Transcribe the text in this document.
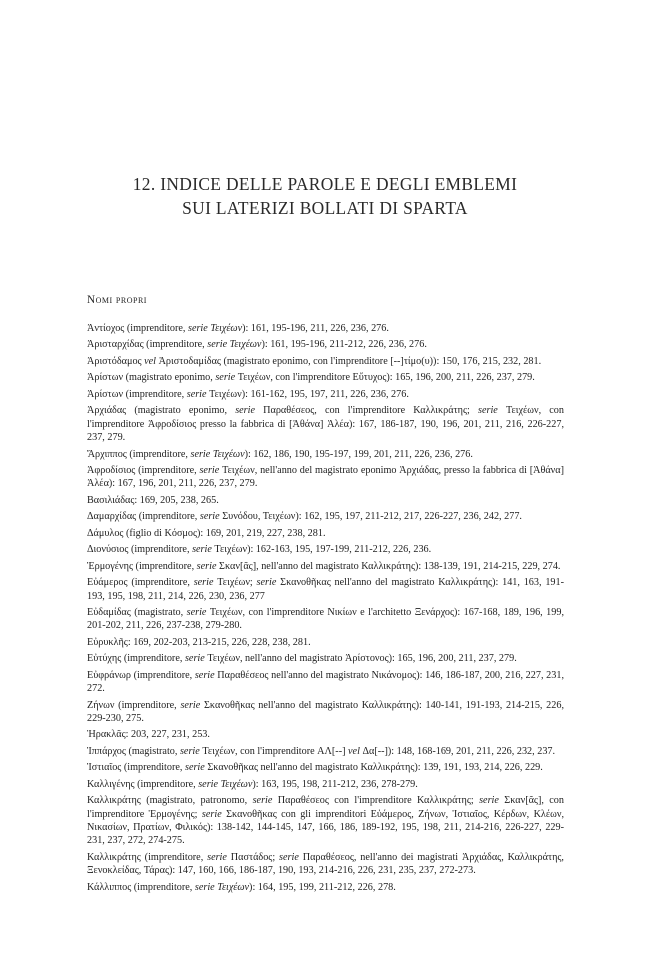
12. INDICE DELLE PAROLE E DEGLI EMBLEMI
SUI LATERIZI BOLLATI DI SPARTA
Nomi propri

Ἀντίοχος (imprenditore, serie Τειχέων): 161, 195-196, 211, 226, 236, 276.

Ἀρισταρχίδας (imprenditore, serie Τειχέων): 161, 195-196, 211-212, 226, 236, 276.

Ἀριστόδαμος vel Ἀριστοδαμίδας (magistrato eponimo, con l'imprenditore [--]τίμο(υ)): 150, 176, 215, 232, 281.

Ἀρίστων (magistrato eponimo, serie Τειχέων, con l'imprenditore Εὔτυχος): 165, 196, 200, 211, 226, 237, 279.

Ἀρίστων (imprenditore, serie Τειχέων): 161-162, 195, 197, 211, 226, 236, 276.

Ἀρχιάδας (magistrato eponimo, serie Παραθέσεος, con l'imprenditore Καλλικράτης; serie Τειχέων, con l'imprenditore Ἀφροδίσιος presso la fabbrica di [Ἀθάνα] Ἀλέα): 167, 186-187, 190, 196, 201, 211, 216, 226-227, 237, 279.

Ἄρχιππος (imprenditore, serie Τειχέων): 162, 186, 190, 195-197, 199, 201, 211, 226, 236, 276.

Ἀφροδίσιος (imprenditore, serie Τειχέων, nell'anno del magistrato eponimo Ἀρχιάδας, presso la fabbrica di [Ἀθάνα] Ἀλέα): 167, 196, 201, 211, 226, 237, 279.

Βασιλιάδας: 169, 205, 238, 265.

Δαμαρχίδας (imprenditore, serie Συνόδου, Τειχέων): 162, 195, 197, 211-212, 217, 226-227, 236, 242, 277.

Δάμυλος (figlio di Κόσμος): 169, 201, 219, 227, 238, 281.

Διονύσιος (imprenditore, serie Τειχέων): 162-163, 195, 197-199, 211-212, 226, 236.

Ἑρμογένης (imprenditore, serie Σκαν[ᾶς], nell'anno del magistrato Καλλικράτης): 138-139, 191, 214-215, 229, 274.

Εὐάμερος (imprenditore, serie Τειχέων; serie Σκανοθῆκας nell'anno del magistrato Καλλικράτης): 141, 163, 191-193, 195, 198, 211, 214, 226, 230, 236, 277

Εὐδαμίδας (magistrato, serie Τειχέων, con l'imprenditore Νικίων e l'architetto Ξενάρχος): 167-168, 189, 196, 199, 201-202, 211, 226, 237-238, 279-280.

Εὐρυκλῆς: 169, 202-203, 213-215, 226, 228, 238, 281.

Εὐτύχης (imprenditore, serie Τειχέων, nell'anno del magistrato Ἀρίστονος): 165, 196, 200, 211, 237, 279.

Εὐφράνωρ (imprenditore, serie Παραθέσεος nell'anno del magistrato Νικάνομος): 146, 186-187, 200, 216, 227, 231, 272.

Ζήνων (imprenditore, serie Σκανοθῆκας nell'anno del magistrato Καλλικράτης): 140-141, 191-193, 214-215, 226, 229-230, 275.

Ἡρακλᾶς: 203, 227, 231, 253.

Ἱππάρχος (magistrato, serie Τειχέων, con l'imprenditore ΑΛ[--] vel Δα[--]): 148, 168-169, 201, 211, 226, 232, 237.

Ἱστιαῖος (imprenditore, serie Σκανοθῆκας nell'anno del magistrato Καλλικράτης): 139, 191, 193, 214, 226, 229.

Καλλιγένης (imprenditore, serie Τειχέων): 163, 195, 198, 211-212, 236, 278-279.

Καλλικράτης (magistrato, patronomo, serie Παραθέσεος con l'imprenditore Καλλικράτης; serie Σκαν[ᾶς], con l'imprenditore Ἑρμογένης; serie Σκανοθῆκας con gli imprenditori Εὐάμερος, Ζήνων, Ἱστιαῖος, Κέρδων, Κλέων, Νικασίων, Πρατίων, Φιλικός): 138-142, 144-145, 147, 166, 186, 189-192, 195, 198, 211, 214-216, 226-227, 229-231, 237, 272, 274-275.

Καλλικράτης (imprenditore, serie Παστάδος; serie Παραθέσεος, nell'anno dei magistrati Ἀρχιάδας, Καλλικράτης, Ξενοκλείδας, Τάρας): 147, 160, 166, 186-187, 190, 193, 214-216, 226, 231, 235, 237, 272-273.

Κάλλιππος (imprenditore, serie Τειχέων): 164, 195, 199, 211-212, 226, 278.
